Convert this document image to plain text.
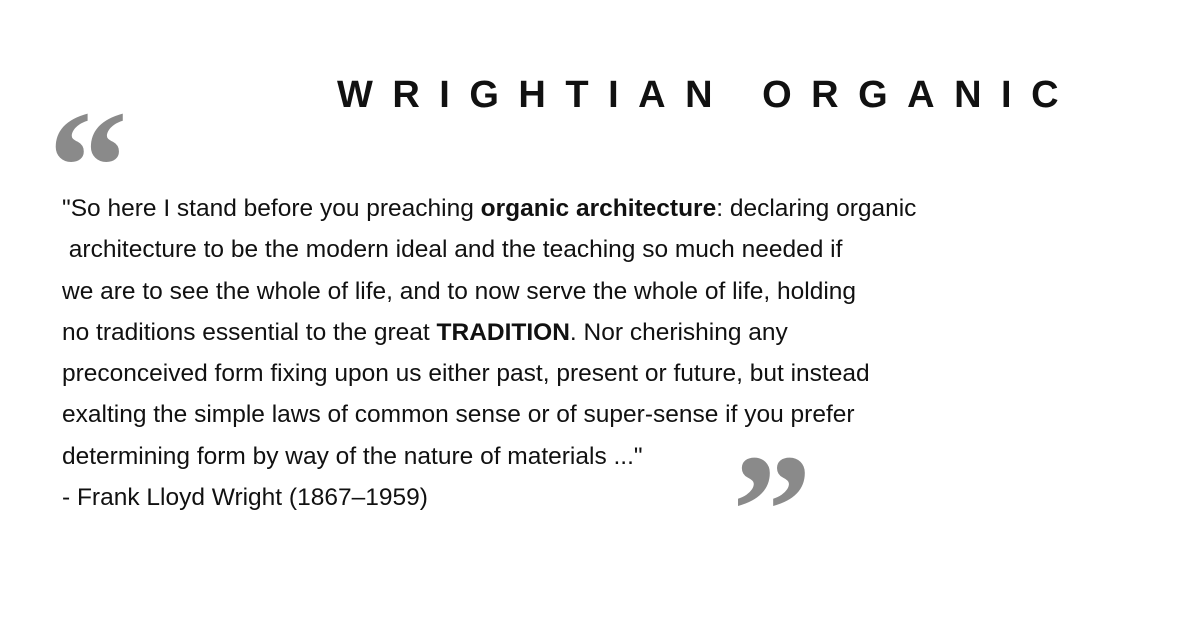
WRIGHTIAN ORGANIC
“
"So here I stand before you preaching organic architecture: declaring organic
architecture to be the modern ideal and the teaching so much needed if
we are to see the whole of life, and to now serve the whole of life, holding
no traditions essential to the great TRADITION. Nor cherishing any
preconceived form fixing upon us either past, present or future, but instead
exalting the simple laws of common sense or of super-sense if you prefer
determining form by way of the nature of materials ..."
- Frank Lloyd Wright (1867–1959)	”
